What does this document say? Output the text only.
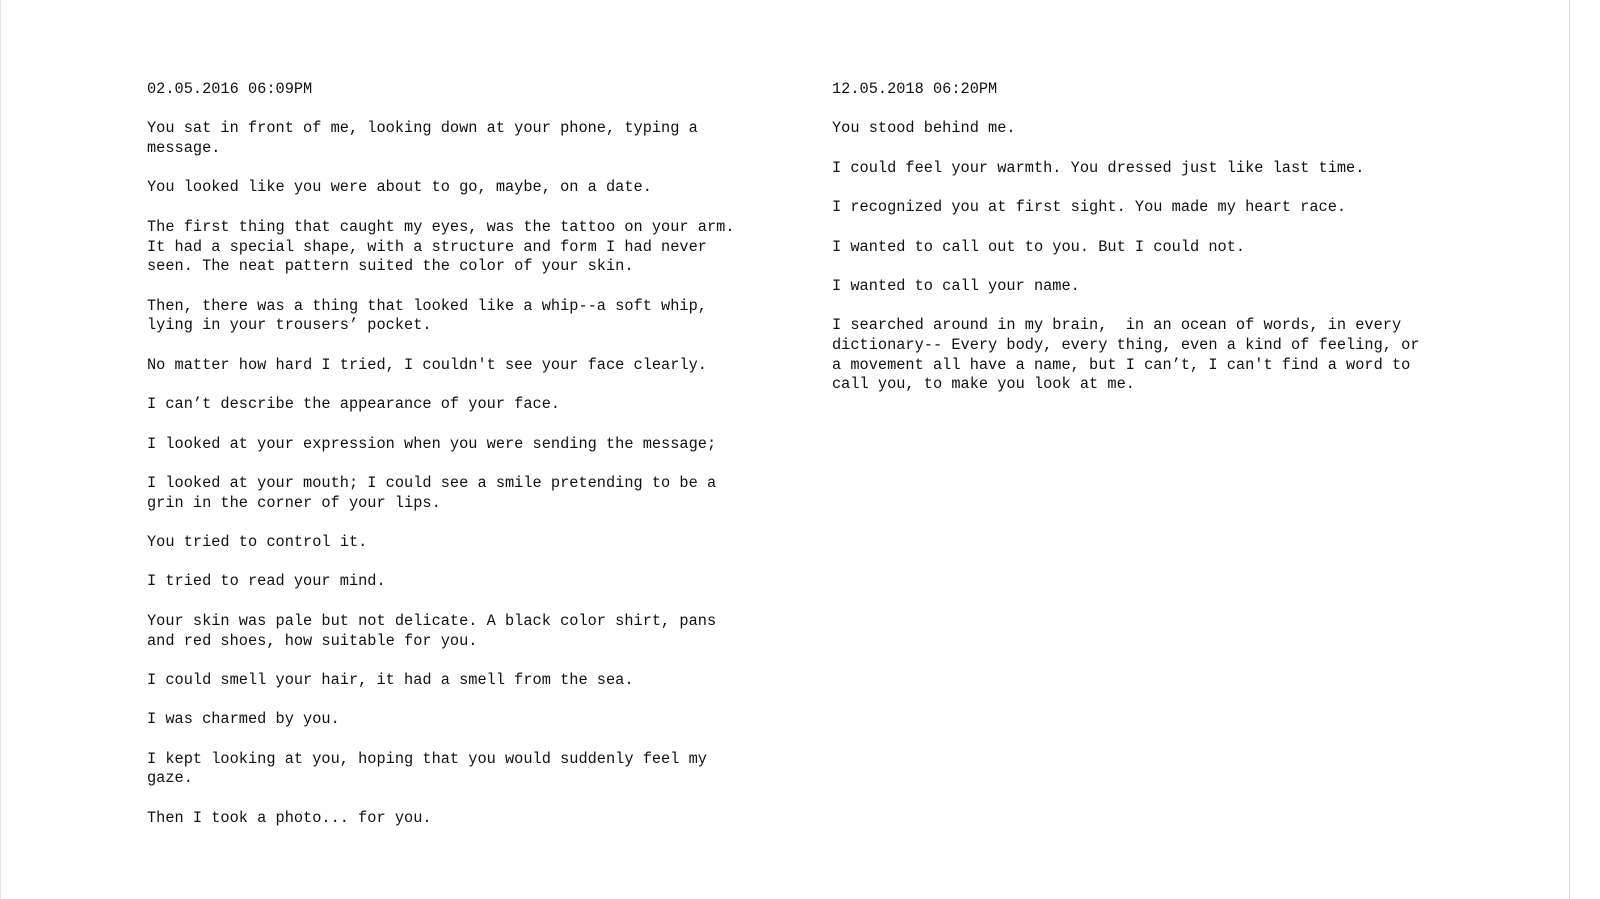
02.05.2016 06:09PM
You sat in front of me, looking down at your phone, typing a
message.
You looked like you were about to go, maybe, on a date.
The first thing that caught my eyes, was the tattoo on your arm.
It had a special shape, with a structure and form I had never
seen. The neat pattern suited the color of your skin.
Then, there was a thing that looked like a whip--a soft whip,
lying in your trousers’ pocket.
No matter how hard I tried, I couldn't see your face clearly.
I can’t describe the appearance of your face.
I looked at your expression when you were sending the message;
I looked at your mouth; I could see a smile pretending to be a
grin in the corner of your lips.
You tried to control it.
I tried to read your mind.
Your skin was pale but not delicate. A black color shirt, pans
and red shoes, how suitable for you.
I could smell your hair, it had a smell from the sea.
I was charmed by you.
I kept looking at you, hoping that you would suddenly feel my
gaze.
Then I took a photo... for you.
12.05.2018 06:20PM
You stood behind me.
I could feel your warmth. You dressed just like last time.
I recognized you at first sight. You made my heart race.
I wanted to call out to you. But I could not.
I wanted to call your name.
I searched around in my brain,  in an ocean of words, in every
dictionary-- Every body, every thing, even a kind of feeling, or
a movement all have a name, but I can’t, I can't find a word to
call you, to make you look at me.
